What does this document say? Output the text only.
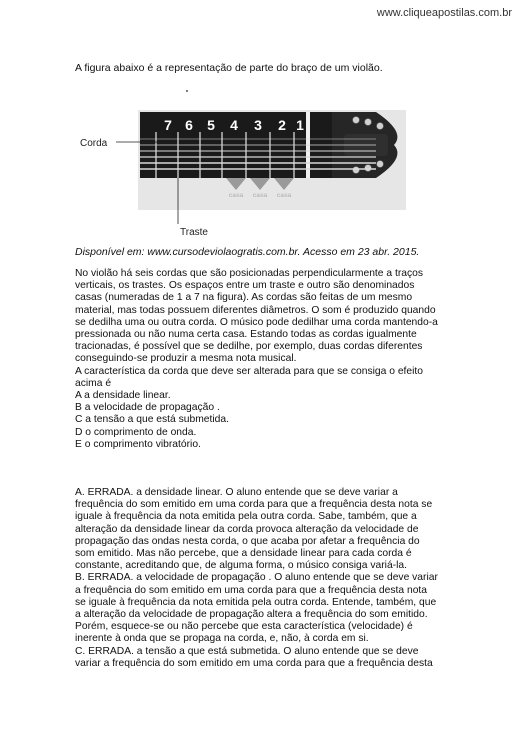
www.cliqueapostilas.com.br
A figura abaixo é a representação de parte do braço de um violão.
7 6 5 4 3 2 1
casa casa casa
Corda
Traste
Disponível em: www.cursodeviolaogratis.com.br. Acesso em 23 abr. 2015.

No violão há seis cordas que são posicionadas perpendicularmente a traços

verticais, os trastes. Os espaços entre um traste e outro são denominados

casas (numeradas de 1 a 7 na figura). As cordas são feitas de um mesmo

material, mas todas possuem diferentes diâmetros. O som é produzido quando

se dedilha uma ou outra corda. O músico pode dedilhar uma corda mantendo-a

pressionada ou não numa certa casa. Estando todas as cordas igualmente

tracionadas, é possível que se dedilhe, por exemplo, duas cordas diferentes

conseguindo-se produzir a mesma nota musical.

A característica da corda que deve ser alterada para que se consiga o efeito

acima é

A a densidade linear.

B a velocidade de propagação .

C a tensão a que está submetida.

D o comprimento de onda.

E o comprimento vibratório.

A. ERRADA. a densidade linear. O aluno entende que se deve variar a

frequência do som emitido em uma corda para que a frequência desta nota se

iguale à frequência da nota emitida pela outra corda. Sabe, também, que a

alteração da densidade linear da corda provoca alteração da velocidade de

propagação das ondas nesta corda, o que acaba por afetar a frequência do

som emitido. Mas não percebe, que a densidade linear para cada corda é

constante, acreditando que, de alguma forma, o músico consiga variá-la.

B. ERRADA. a velocidade de propagação . O aluno entende que se deve variar

a frequência do som emitido em uma corda para que a frequência desta nota

se iguale à frequência da nota emitida pela outra corda. Entende, também, que

a alteração da velocidade de propagação altera a frequência do som emitido.

Porém, esquece-se ou não percebe que esta característica (velocidade) é

inerente à onda que se propaga na corda, e, não, à corda em si.

C. ERRADA. a tensão a que está submetida. O aluno entende que se deve

variar a frequência do som emitido em uma corda para que a frequência desta
